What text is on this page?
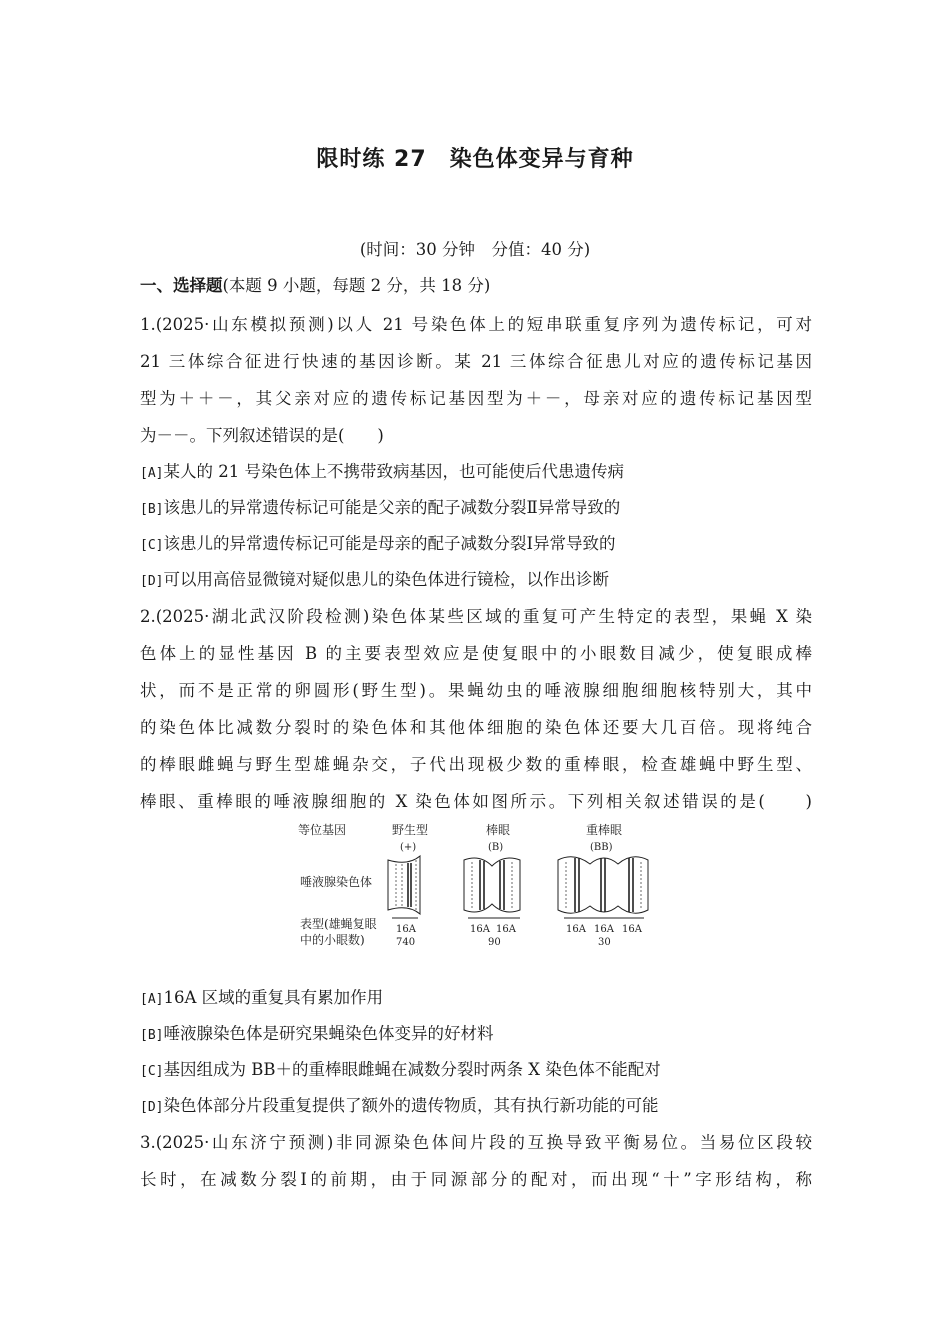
限时练 27　染色体变异与育种
(时间：30 分钟　分值：40 分)
一、选择题(本题 9 小题，每题 2 分，共 18 分)
1.(2025·山东模拟预测)以人 21 号染色体上的短串联重复序列为遗传标记，可对
21 三体综合征进行快速的基因诊断。某 21 三体综合征患儿对应的遗传标记基因
型为＋＋－，其父亲对应的遗传标记基因型为＋－，母亲对应的遗传标记基因型
为－－。下列叙述错误的是(　　)
[A]某人的 21 号染色体上不携带致病基因，也可能使后代患遗传病
[B]该患儿的异常遗传标记可能是父亲的配子减数分裂Ⅱ异常导致的
[C]该患儿的异常遗传标记可能是母亲的配子减数分裂Ⅰ异常导致的
[D]可以用高倍显微镜对疑似患儿的染色体进行镜检，以作出诊断
2.(2025·湖北武汉阶段检测)染色体某些区域的重复可产生特定的表型，果蝇 X 染
色体上的显性基因 B 的主要表型效应是使复眼中的小眼数目减少，使复眼成棒
状，而不是正常的卵圆形(野生型)。果蝇幼虫的唾液腺细胞细胞核特别大，其中
的染色体比减数分裂时的染色体和其他体细胞的染色体还要大几百倍。现将纯合
的棒眼雌蝇与野生型雄蝇杂交，子代出现极少数的重棒眼，检查雄蝇中野生型、
棒眼、重棒眼的唾液腺细胞的 X 染色体如图所示。下列相关叙述错误的是(　　)
等位基因	野生型
(+)
棒眼
(B)
重棒眼
(BB)
唾液腺染色体
表型(雄蝇复眼
中的小眼数)
16A
740
16A 16A
90
16A 16A 16A
30
[A]16A 区域的重复具有累加作用
[B]唾液腺染色体是研究果蝇染色体变异的好材料
[C]基因组成为 BB＋的重棒眼雌蝇在减数分裂时两条 X 染色体不能配对
[D]染色体部分片段重复提供了额外的遗传物质，其有执行新功能的可能
3.(2025·山东济宁预测)非同源染色体间片段的互换导致平衡易位。当易位区段较
长时，在减数分裂Ⅰ的前期，由于同源部分的配对，而出现“十”字形结构，称
